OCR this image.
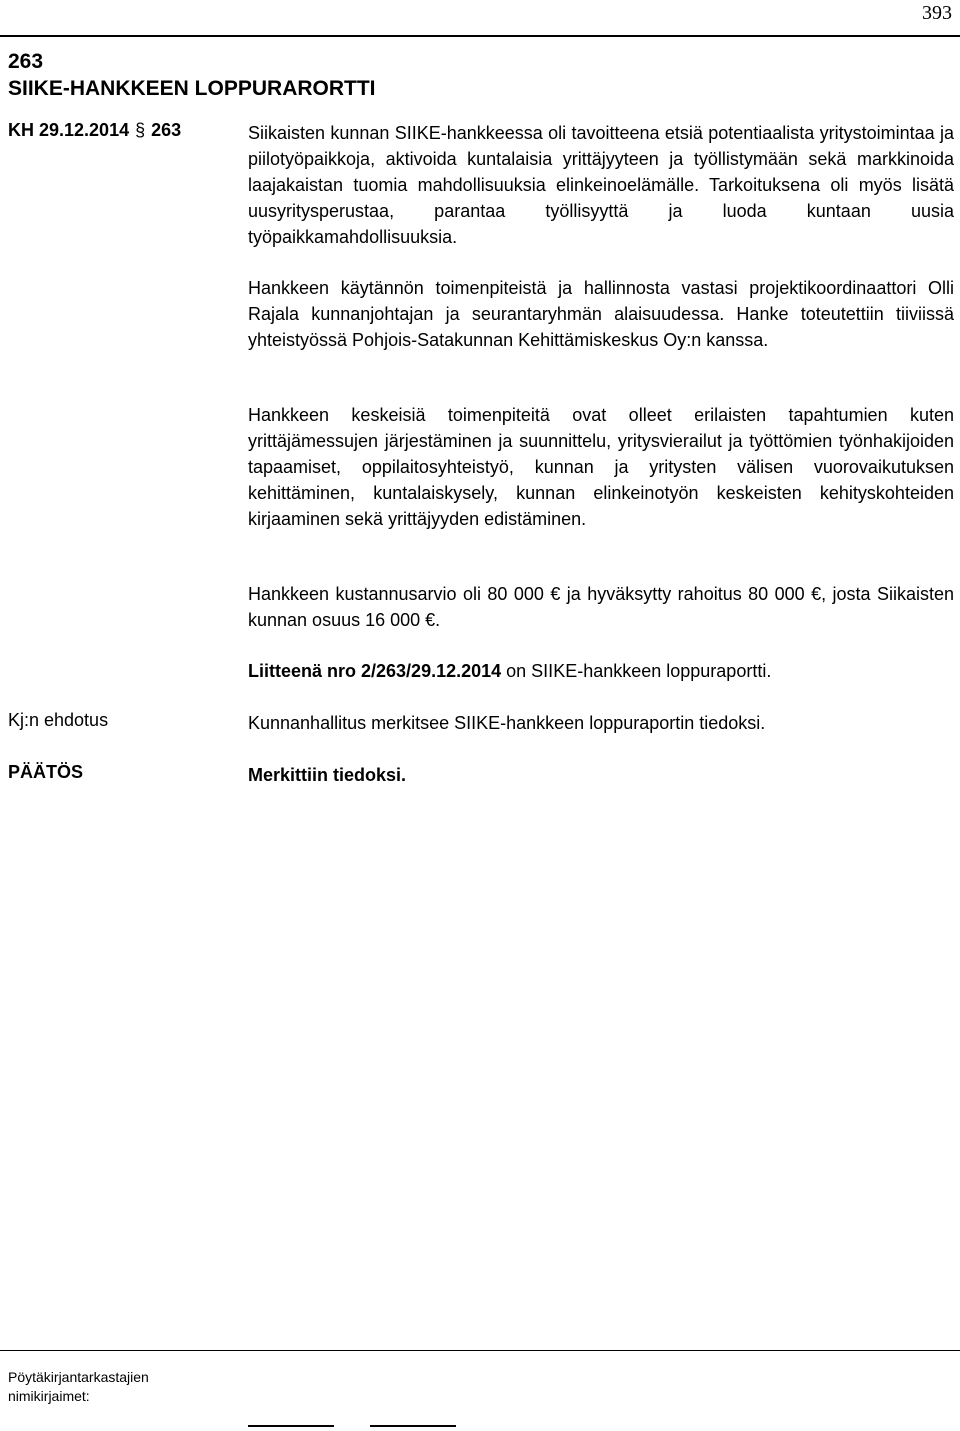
393
263
SIIKE-HANKKEEN LOPPURARORTTI
KH 29.12.2014 § 263	Siikaisten kunnan SIIKE-hankkeessa oli tavoitteena etsiä potentiaalista yritystoimintaa ja piilotyöpaikkoja, aktivoida kuntalaisia yrittäjyyteen ja työllistymään sekä markkinoida laajakaistan tuomia mahdollisuuksia elinkeinoelämälle. Tarkoituksena oli myös lisätä uusyritysperustaa, parantaa työllisyyttä ja luoda kuntaan uusia työpaikkamahdollisuuksia.

Hankkeen käytännön toimenpiteistä ja hallinnosta vastasi projektikoordinaattori Olli Rajala kunnanjohtajan ja seurantaryhmän alaisuudessa. Hanke toteutettiin tiiviissä yhteistyössä Pohjois-Satakunnan Kehittämiskeskus Oy:n kanssa.

Hankkeen keskeisiä toimenpiteitä ovat olleet erilaisten tapahtumien kuten yrittäjämessujen järjestäminen ja suunnittelu, yritysvierailut ja työttömien työnhakijoiden tapaamiset, oppilaitosyhteistyö, kunnan ja yritysten välisen vuorovaikutuksen kehittäminen, kuntalaiskysely, kunnan elinkeinotyön keskeisten kehityskohteiden kirjaaminen sekä yrittäjyyden edistäminen.

Hankkeen kustannusarvio oli 80 000 € ja hyväksytty rahoitus 80 000 €, josta Siikaisten kunnan osuus 16 000 €.

Liitteenä nro 2/263/29.12.2014 on SIIKE-hankkeen loppuraportti.

Kj:n ehdotus	Kunnanhallitus merkitsee SIIKE-hankkeen loppuraportin tiedoksi.
PÄÄTÖS	Merkittiin tiedoksi.
Pöytäkirjantarkastajien nimikirjaimet:
